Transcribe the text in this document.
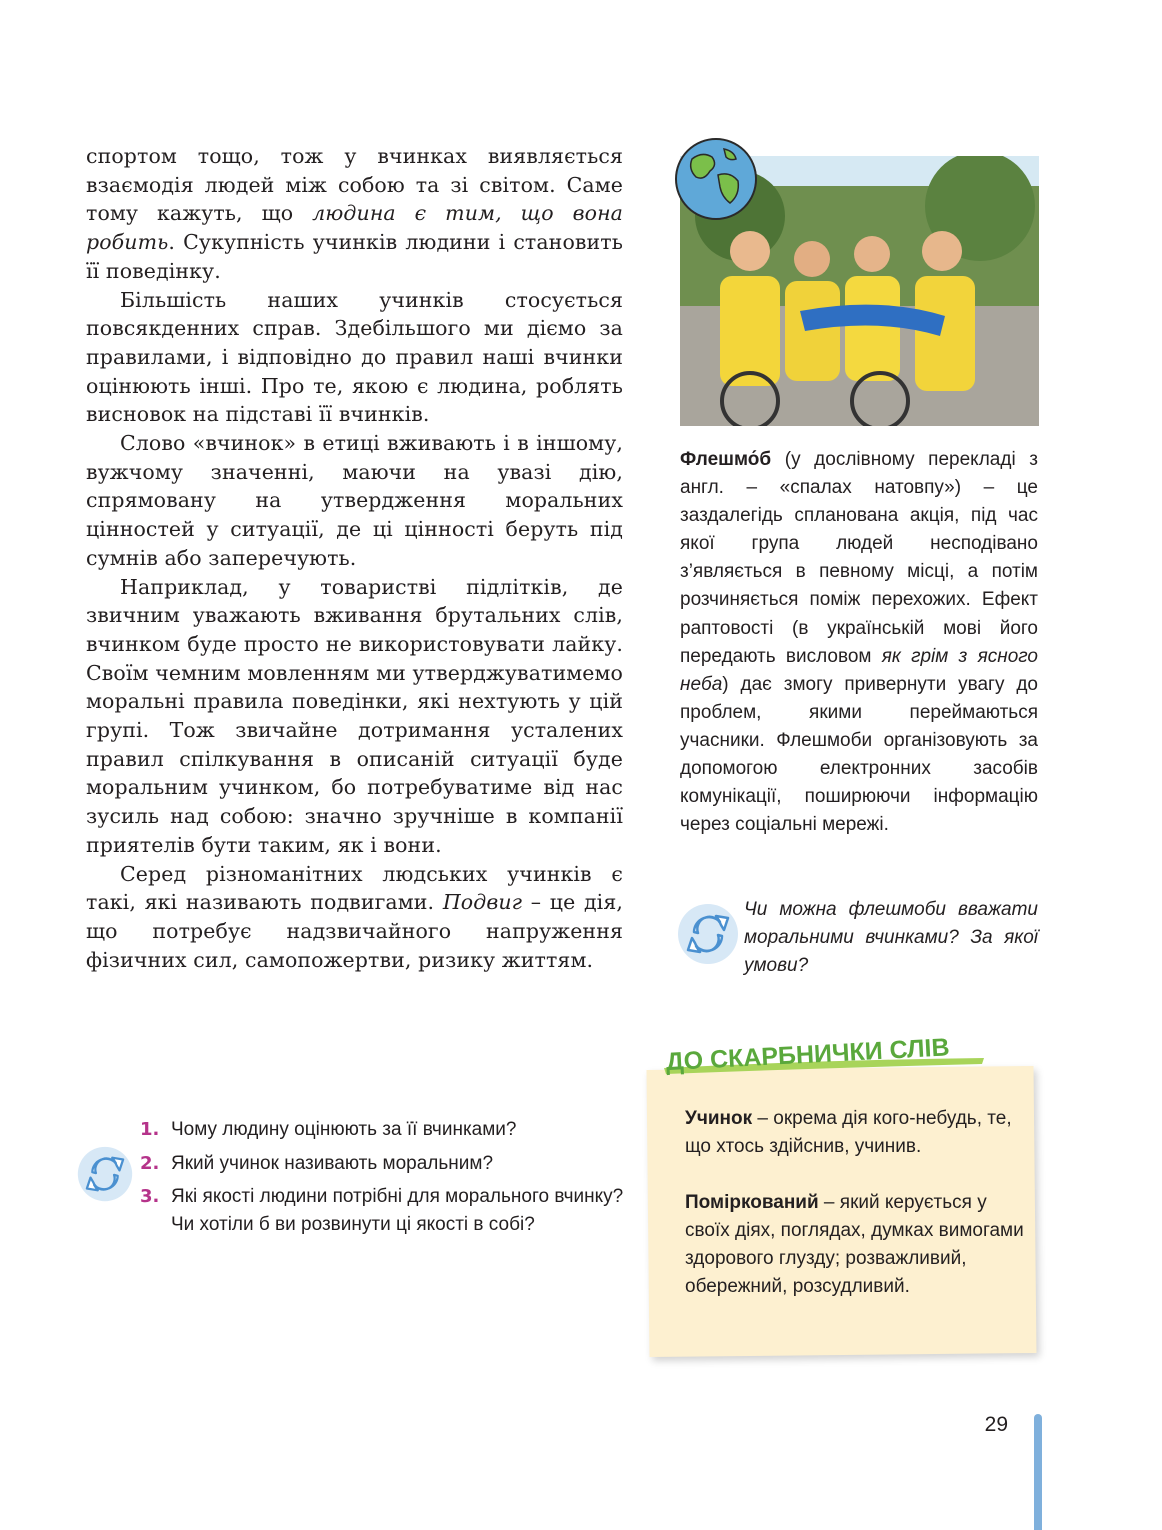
спортом тощо, тож у вчинках виявляється взаємодія людей між собою та зі світом. Саме тому кажуть, що людина є тим, що вона робить. Сукупність учинків людини і становить її поведінку.

Більшість наших учинків стосується повсякденних справ. Здебільшого ми діємо за правилами, і відповідно до правил наші вчинки оцінюють інші. Про те, якою є людина, роблять висновок на підставі її вчинків.

Слово «вчинок» в етиці вживають і в іншому, вужчому значенні, маючи на увазі дію, спрямовану на утвердження моральних цінностей у ситуації, де ці цінності беруть під сумнів або заперечують.

Наприклад, у товаристві підлітків, де звичним уважають вживання брутальних слів, вчинком буде просто не використовувати лайку. Своїм чемним мовленням ми утверджуватимемо моральні правила поведінки, які нехтують у цій групі. Тож звичайне дотримання усталених правил спілкування в описаній ситуації буде моральним учинком, бо потребуватиме від нас зусиль над собою: значно зручніше в компанії приятелів бути таким, як і вони.

Серед різноманітних людських учинків є такі, які називають подвигами. Подвиг – це дія, що потребує надзвичайного напруження фізичних сил, самопожертви, ризику життям.

Флешмо́б (у дослівному перекладі з англ. – «спалах натовпу») – це заздалегідь спланована акція, під час якої група людей несподівано з’являється в певному місці, а потім розчиняється поміж перехожих. Ефект раптовості (в українській мові його передають висловом як грім з ясного неба) дає змогу привернути увагу до проблем, якими переймаються учасники. Флешмоби організовують за допомогою електронних засобів комунікації, поширюючи інформацію через соціальні мережі.
Чи можна флешмоби вважати моральними вчинками? За якої умови?
ДО СКАРБНИЧКИ СЛІВ

Учинок – окрема дія кого-небудь, те, що хтось здійснив, учинив.

Поміркований – який керується у своїх діях, поглядах, думках вимогами здорового глузду; розважливий, обережний, розсудливий.

1. Чому людину оцінюють за її вчинками?
2. Який учинок називають моральним?
3. Які якості людини потрібні для морального вчинку? Чи хотіли б ви розвинути ці якості в собі?
29
